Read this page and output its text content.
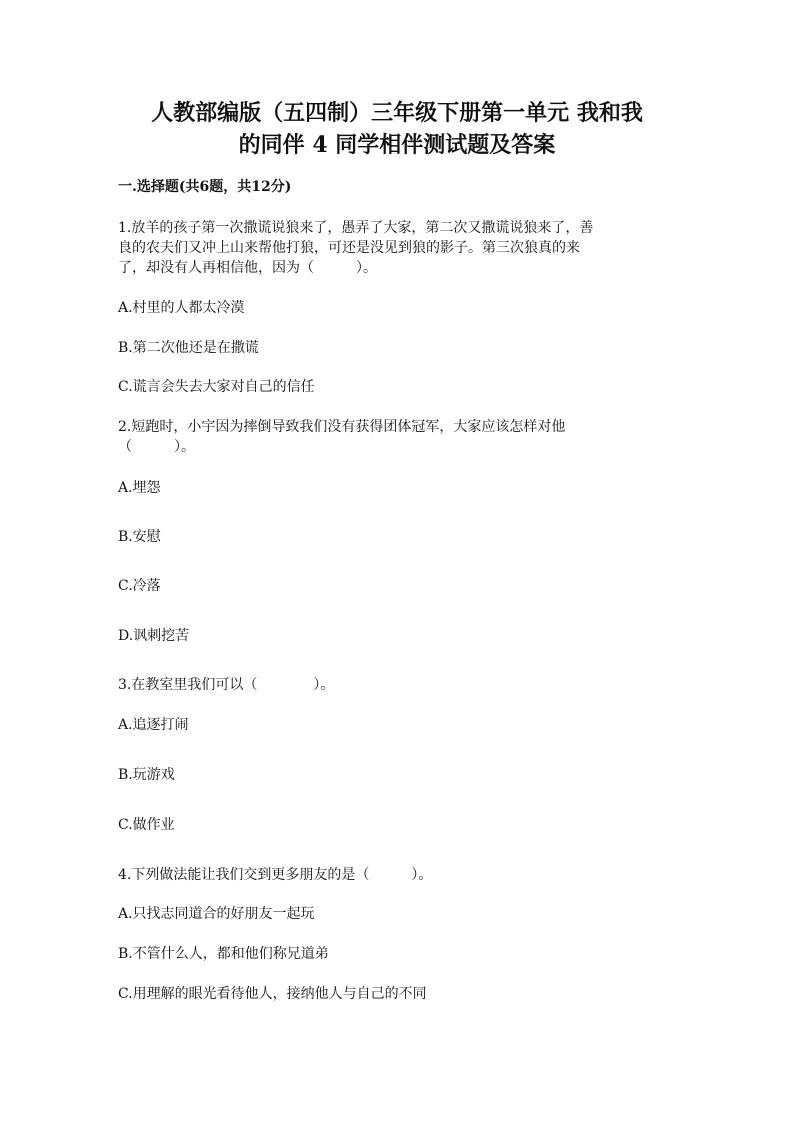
人教部编版（五四制）三年级下册第一单元 我和我
的同伴 4 同学相伴测试题及答案
一.选择题(共6题，共12分)
1.放羊的孩子第一次撒谎说狼来了，愚弄了大家，第二次又撒谎说狼来了，善
良的农夫们又冲上山来帮他打狼，可还是没见到狼的影子。第三次狼真的来
了，却没有人再相信他，因为（　　　）。
A.村里的人都太冷漠
B.第二次他还是在撒谎
C.谎言会失去大家对自己的信任
2.短跑时，小宇因为摔倒导致我们没有获得团体冠军，大家应该怎样对他
（　　　）。
A.埋怨
B.安慰
C.冷落
D.讽刺挖苦
3.在教室里我们可以（　　　　）。
A.追逐打闹
B.玩游戏
C.做作业
4.下列做法能让我们交到更多朋友的是（　　　）。
A.只找志同道合的好朋友一起玩
B.不管什么人，都和他们称兄道弟
C.用理解的眼光看待他人，接纳他人与自己的不同
